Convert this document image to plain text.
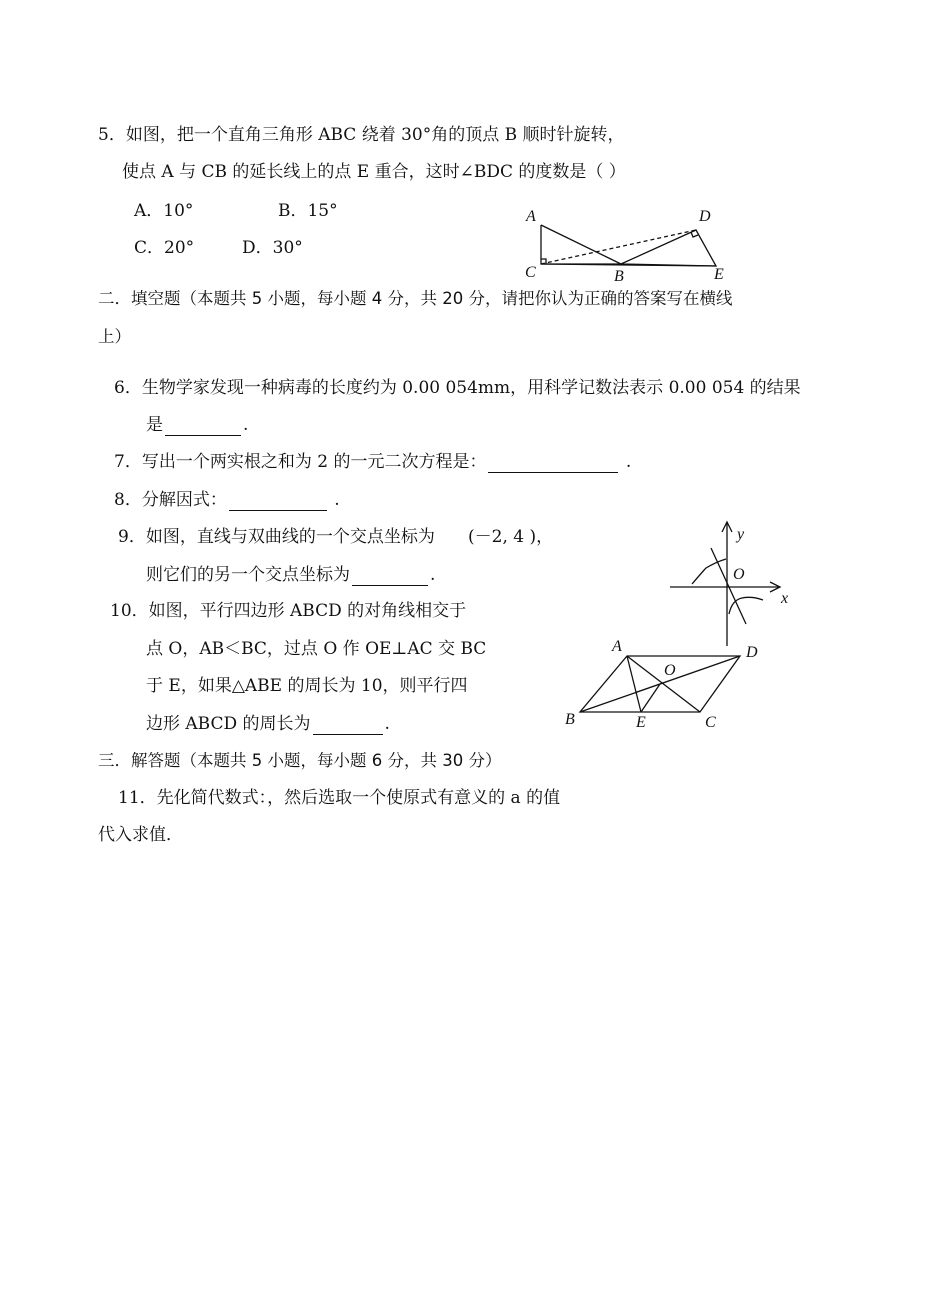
5．如图，把一个直角三角形 ABC 绕着 30°角的顶点 B 顺时针旋转，
使点 A 与 CB 的延长线上的点 E 重合，这时∠BDC 的度数是（ ）
A．10°	B．15°
C．20°	D．30°
A
C	B
D
E
二．填空题（本题共 5 小题，每小题 4 分，共 20 分，请把你认为正确的答案写在横线
上）
6．生物学家发现一种病毒的长度约为 0.00 054mm，用科学记数法表示 0.00 054 的结果
是	.
7．写出一个两实根之和为 2 的一元二次方程是：	.
8．分解因式：	.
9．如图，直线与双曲线的一个交点坐标为 (－2, 4 )，
则它们的另一个交点坐标为	.
y
O
x
10．如图，平行四边形 ABCD 的对角线相交于
点 O，AB＜BC，过点 O 作 OE⊥AC 交 BC
于 E，如果△ABE 的周长为 10，则平行四
边形 ABCD 的周长为	.
A	D
O
B	E	C
三．解答题（本题共 5 小题，每小题 6 分，共 30 分）
11．先化简代数式：，然后选取一个使原式有意义的 a 的值
代入求值．
